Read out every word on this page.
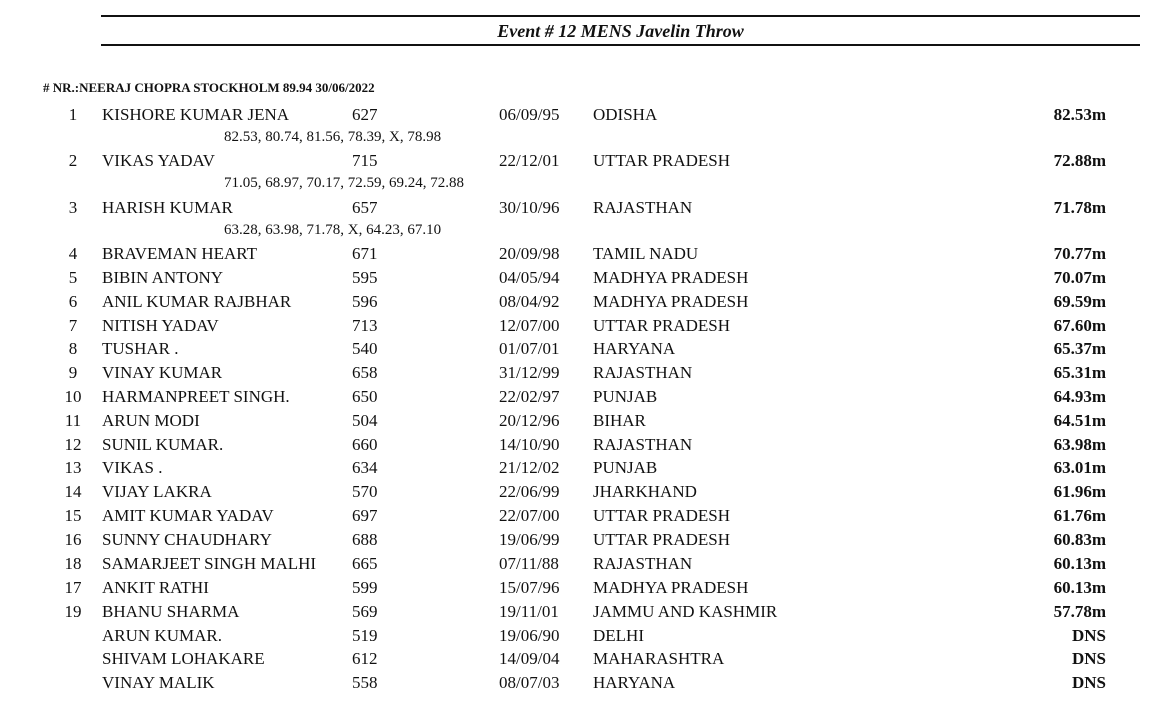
Event # 12 MENS Javelin Throw
# NR.:NEERAJ CHOPRA STOCKHOLM 89.94 30/06/2022
1	KISHORE KUMAR JENA	627	06/09/95 ODISHA	82.53m
82.53, 80.74, 81.56, 78.39, X, 78.98
2	VIKAS YADAV	715	22/12/01 UTTAR PRADESH	72.88m
71.05, 68.97, 70.17, 72.59, 69.24, 72.88
3	HARISH KUMAR	657	30/10/96 RAJASTHAN	71.78m
63.28, 63.98, 71.78, X, 64.23, 67.10
4	BRAVEMAN HEART	671	20/09/98 TAMIL NADU	70.77m
5	BIBIN ANTONY	595	04/05/94 MADHYA PRADESH	70.07m
6	ANIL KUMAR RAJBHAR	596	08/04/92 MADHYA PRADESH	69.59m
7	NITISH YADAV	713	12/07/00 UTTAR PRADESH	67.60m
8	TUSHAR .	540	01/07/01 HARYANA	65.37m
9	VINAY KUMAR	658	31/12/99 RAJASTHAN	65.31m
10	HARMANPREET SINGH.	650	22/02/97 PUNJAB	64.93m
11	ARUN MODI	504	20/12/96 BIHAR	64.51m
12	SUNIL KUMAR.	660	14/10/90 RAJASTHAN	63.98m
13	VIKAS .	634	21/12/02 PUNJAB	63.01m
14	VIJAY LAKRA	570	22/06/99 JHARKHAND	61.96m
15	AMIT KUMAR YADAV	697	22/07/00 UTTAR PRADESH	61.76m
16	SUNNY CHAUDHARY	688	19/06/99 UTTAR PRADESH	60.83m
18	SAMARJEET SINGH MALHI 665	07/11/88 RAJASTHAN	60.13m
17	ANKIT RATHI	599	15/07/96 MADHYA PRADESH	60.13m
19	BHANU SHARMA	569	19/11/01 JAMMU AND KASHMIR	57.78m
ARUN KUMAR.	519	19/06/90 DELHI	DNS
SHIVAM LOHAKARE	612	14/09/04 MAHARASHTRA	DNS
VINAY MALIK	558	08/07/03 HARYANA	DNS
